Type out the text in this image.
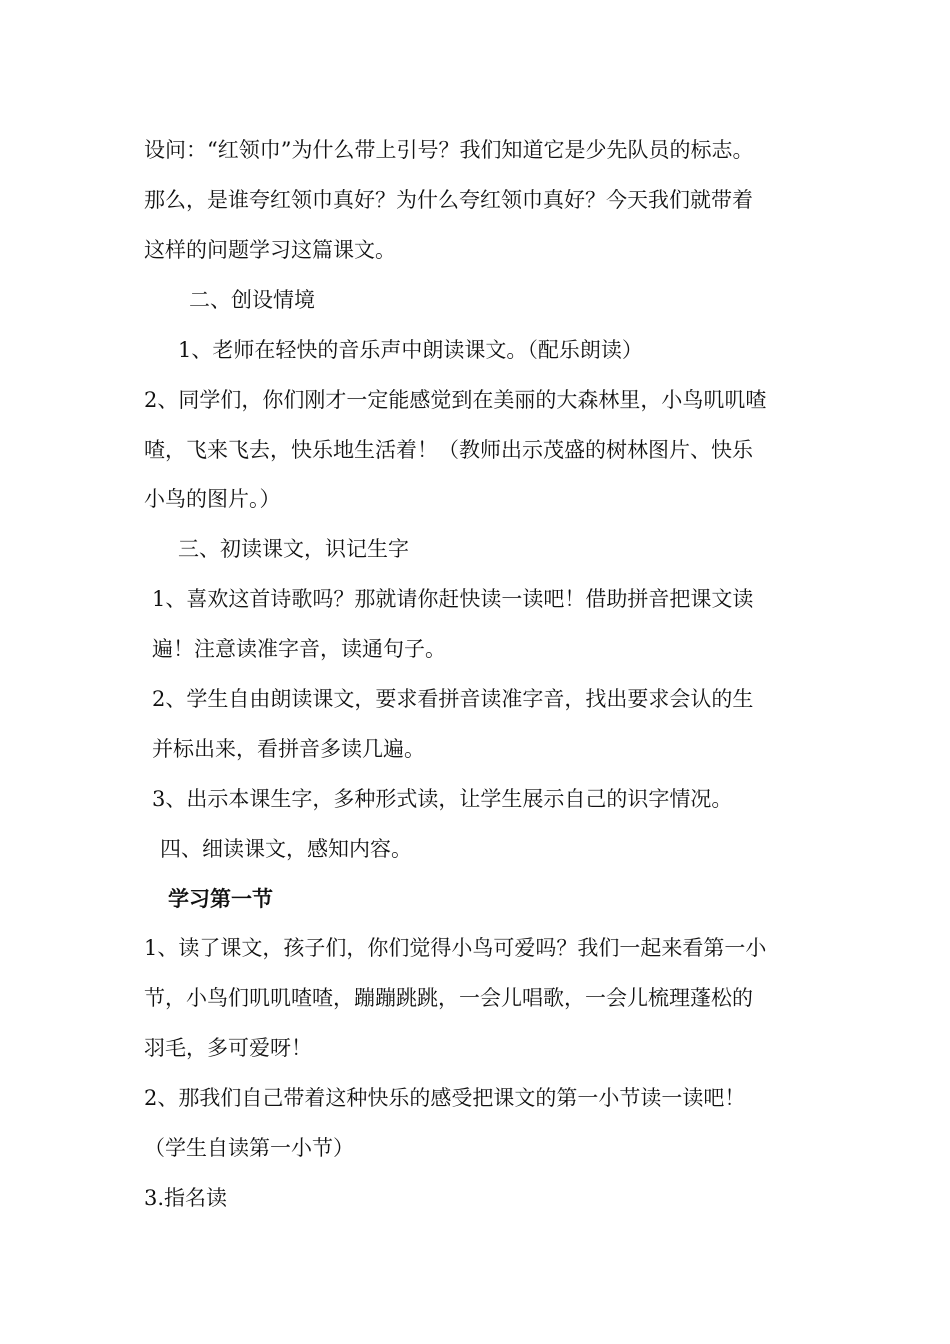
设问：“红领巾”为什么带上引号？我们知道它是少先队员的标志。
那么，是谁夸红领巾真好？为什么夸红领巾真好？今天我们就带着
这样的问题学习这篇课文。
二、创设情境
1、老师在轻快的音乐声中朗读课文。（配乐朗读）
2、同学们，你们刚才一定能感觉到在美丽的大森林里，小鸟叽叽喳
喳，飞来飞去，快乐地生活着！（教师出示茂盛的树林图片、快乐
小鸟的图片。）
三、初读课文，识记生字
1、喜欢这首诗歌吗？那就请你赶快读一读吧！借助拼音把课文读
遍！注意读准字音，读通句子。
2、学生自由朗读课文，要求看拼音读准字音，找出要求会认的生
并标出来，看拼音多读几遍。
3、出示本课生字，多种形式读，让学生展示自己的识字情况。
四、细读课文，感知内容。
学习第一节
1、读了课文，孩子们，你们觉得小鸟可爱吗？我们一起来看第一小
节，小鸟们叽叽喳喳，蹦蹦跳跳，一会儿唱歌，一会儿梳理蓬松的
羽毛，多可爱呀！
2、那我们自己带着这种快乐的感受把课文的第一小节读一读吧！
（学生自读第一小节）
3.指名读
